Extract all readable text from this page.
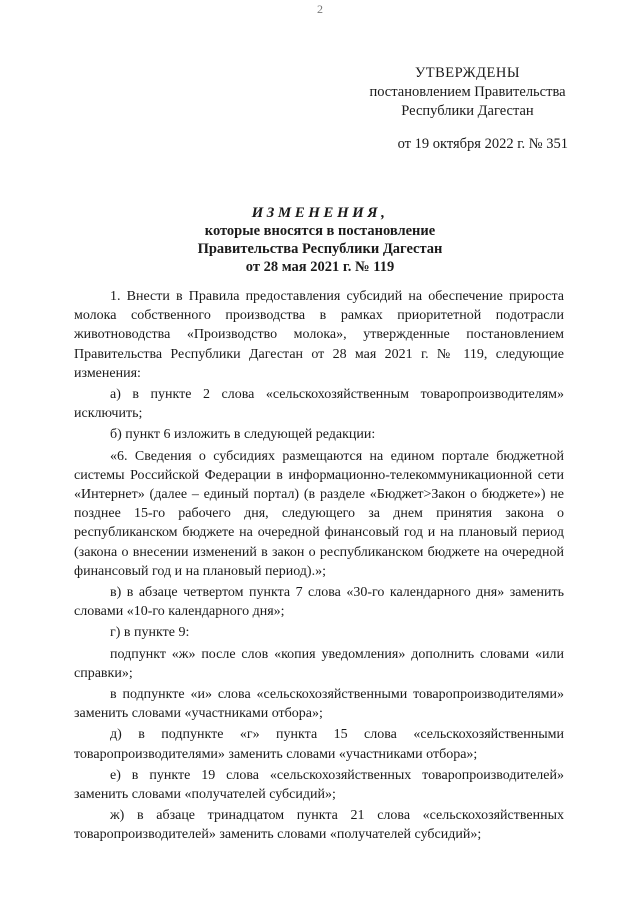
2
УТВЕРЖДЕНЫ
постановлением Правительства
Республики Дагестан
от 19 октября 2022 г. № 351
ИЗМЕНЕНИЯ,
которые вносятся в постановление
Правительства Республики Дагестан
от 28 мая 2021 г. № 119

1. Внести в Правила предоставления субсидий на обеспечение прироста молока собственного производства в рамках приоритетной подотрасли животноводства «Производство молока», утвержденные постановлением Правительства Республики Дагестан от 28 мая 2021 г. № 119, следующие изменения:

а) в пункте 2 слова «сельскохозяйственным товаропроизводителям» исключить;

б) пункт 6 изложить в следующей редакции:

«6. Сведения о субсидиях размещаются на едином портале бюджетной системы Российской Федерации в информационно-телекоммуникационной сети «Интернет» (далее – единый портал) (в разделе «Бюджет>Закон о бюджете») не позднее 15-го рабочего дня, следующего за днем принятия закона о республиканском бюджете на очередной финансовый год и на плановый период (закона о внесении изменений в закон о республиканском бюджете на очередной финансовый год и на плановый период).»;

в) в абзаце четвертом пункта 7 слова «30-го календарного дня» заменить словами «10-го календарного дня»;

г) в пункте 9:

подпункт «ж» после слов «копия уведомления» дополнить словами «или справки»;

в подпункте «и» слова «сельскохозяйственными товаропроизводителями» заменить словами «участниками отбора»;

д) в подпункте «г» пункта 15 слова «сельскохозяйственными товаропроизводителями» заменить словами «участниками отбора»;

е) в пункте 19 слова «сельскохозяйственных товаропроизводителей» заменить словами «получателей субсидий»;

ж) в абзаце тринадцатом пункта 21 слова «сельскохозяйственных товаропроизводителей» заменить словами «получателей субсидий»;
